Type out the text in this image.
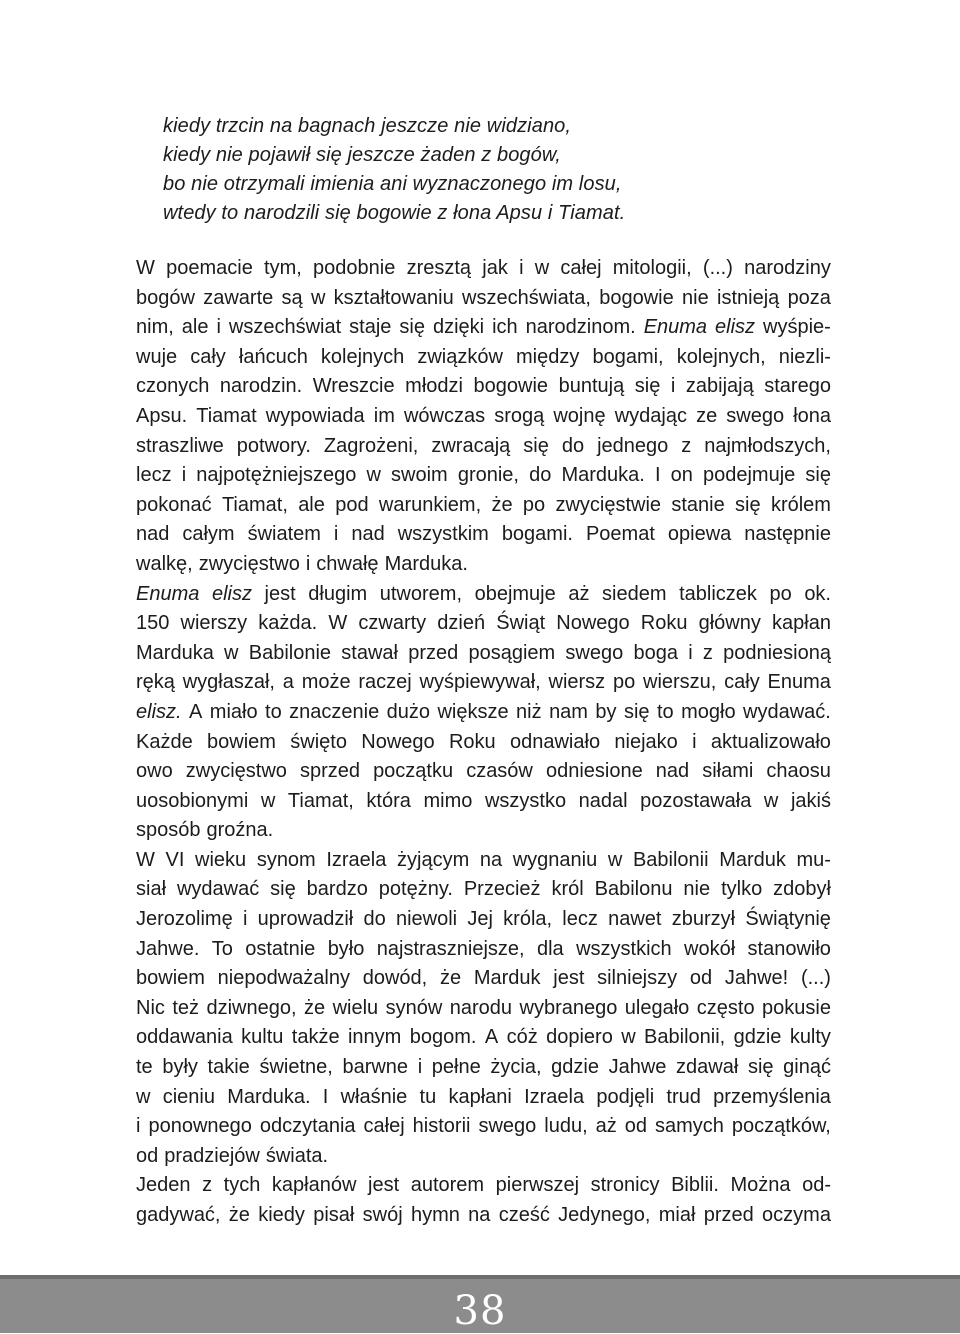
kiedy trzcin na bagnach jeszcze nie widziano,
kiedy nie pojawił się jeszcze żaden z bogów,
bo nie otrzymali imienia ani wyznaczonego im losu,
wtedy to narodzili się bogowie z łona Apsu i Tiamat.
W poemacie tym, podobnie zresztą jak i w całej mitologii, (...) narodziny
bogów zawarte są w kształtowaniu wszechświata, bogowie nie istnieją poza
nim, ale i wszechświat staje się dzięki ich narodzinom. Enuma elisz wyśpie-
wuje cały łańcuch kolejnych związków między bogami, kolejnych, niezli-
czonych narodzin. Wreszcie młodzi bogowie buntują się i zabijają starego
Apsu. Tiamat wypowiada im wówczas srogą wojnę wydając ze swego łona
straszliwe potwory. Zagrożeni, zwracają się do jednego z najmłodszych,
lecz i najpotężniejszego w swoim gronie, do Marduka. I on podejmuje się
pokonać Tiamat, ale pod warunkiem, że po zwycięstwie stanie się królem
nad całym światem i nad wszystkim bogami. Poemat opiewa następnie
walkę, zwycięstwo i chwałę Marduka.
Enuma elisz jest długim utworem, obejmuje aż siedem tabliczek po ok.
150 wierszy każda. W czwarty dzień Świąt Nowego Roku główny kapłan
Marduka w Babilonie stawał przed posągiem swego boga i z podniesioną
ręką wygłaszał, a może raczej wyśpiewywał, wiersz po wierszu, cały Enuma
elisz. A miało to znaczenie dużo większe niż nam by się to mogło wydawać.
Każde bowiem święto Nowego Roku odnawiało niejako i aktualizowało
owo zwycięstwo sprzed początku czasów odniesione nad siłami chaosu
uosobionymi w Tiamat, która mimo wszystko nadal pozostawała w jakiś
sposób groźna.
W VI wieku synom Izraela żyjącym na wygnaniu w Babilonii Marduk mu-
siał wydawać się bardzo potężny. Przecież król Babilonu nie tylko zdobył
Jerozolimę i uprowadził do niewoli Jej króla, lecz nawet zburzył Świątynię
Jahwe. To ostatnie było najstraszniejsze, dla wszystkich wokół stanowiło
bowiem niepodważalny dowód, że Marduk jest silniejszy od Jahwe! (...)
Nic też dziwnego, że wielu synów narodu wybranego ulegało często pokusie
oddawania kultu także innym bogom. A cóż dopiero w Babilonii, gdzie kulty
te były takie świetne, barwne i pełne życia, gdzie Jahwe zdawał się ginąć
w cieniu Marduka. I właśnie tu kapłani Izraela podjęli trud przemyślenia
i ponownego odczytania całej historii swego ludu, aż od samych początków,
od pradziejów świata.
Jeden z tych kapłanów jest autorem pierwszej stronicy Biblii. Można od-
gadywać, że kiedy pisał swój hymn na cześć Jedynego, miał przed oczyma
38
